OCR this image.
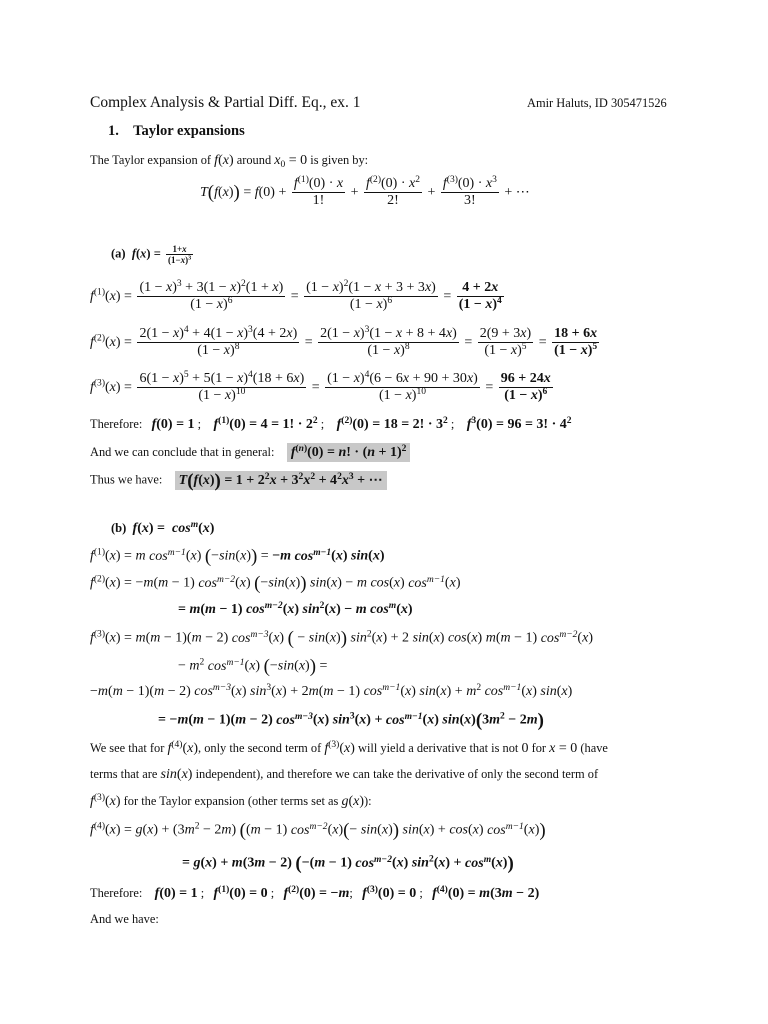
Complex Analysis & Partial Diff. Eq., ex. 1	Amir Haluts, ID 305471526
1. Taylor expansions
The Taylor expansion of f(x) around $x_0 = 0$ is given by:
$T(f(x)) = f(0) + \frac{f^{(1)}(0) \cdot x}{1!} + \frac{f^{(2)}(0) \cdot x^2}{2!} + \frac{f^{(3)}(0) \cdot x^3}{3!}$ + ⋯
(a) $f(x) = \frac{1+x}{(1-x)^3}$
$f^{(1)}(x) = \frac{(1 - x)^3 + 3(1 - x)^2(1 + x)}{(1 - x)^6} = \frac{(1 - x)^2(1 - x + 3 + 3x)}{(1 - x)^6} = \frac{4 + 2x}{(1 - x)^4}$
$f^{(2)}(x) = \frac{2(1 - x)^4 + 4(1 - x)^3(4 + 2x)}{(1 - x)^8} = \frac{2(1 - x)^3(1 - x + 8 + 4x)}{(1 - x)^8} = \frac{2(9 + 3x)}{(1 - x)^5} = \frac{18 + 6x}{(1 - x)^5}$
$f^{(3)}(x) = \frac{6(1 - x)^5 + 5(1 - x)^4(18 + 6x)}{(1 - x)^{10}} = \frac{(1 - x)^4(6 - 6x + 90 + 30x)}{(1 - x)^{10}} = \frac{96 + 24x}{(1 - x)^6}$
Therefore: f(0) = 1 ;    $f^{(1)}(0) = 4 = 1$! · $2^2$ ;    $f^{(2)}(0) = 18 = 2$! · $3^2$ ;    $f^3(0) = 96 = 3$! · $4^2$
And we can conclude that in general: $f^{(n)}(0) = n$! · $(n + 1)^2$
Thus we have: $T(f(x)) = 1 + 2^2x + 3^2x^2 + 4^2x^3$ + ⋯
(b) $f(x) = \cos^m(x)$
$f^{(1)}(x) = m$ $\cos^{m-1}(x) (-\sin(x)) = -m$ $\cos^{m-1}(x)$ sin(x)
$f^{(2)}(x) = -m(m - 1)$ $\cos^{m-2}(x)$ (−sin(x)) sin(x) − m cos(x) $\cos^{m-1}(x)$
= m(m − 1) $\cos^{m-2}(x) \sin^2(x) - m$ $\cos^m(x)$
$f^{(3)}(x) = m(m - 1)(m - 2)$ $\cos^{m-3}(x)$ ( − sin(x)) $\sin^2(x) + 2$ sin(x) cos(x) m(m − 1) $\cos^{m-2}(x)$
− $m^2$ $\cos^{m-1}(x) (-\sin(x))$ =
−m(m − 1)(m − 2) $\cos^{m-3}(x) \sin^3(x) + 2m(m - 1)$ $\cos^{m-1}(x) \sin(x) + m^2$ $\cos^{m-1}(x)$ sin(x)
= −m(m − 1)(m − 2) $\cos^{m-3}(x) \sin^3(x) + \cos^{m-1}(x) \sin(x)(3m^2 - 2m)$
We see that for $f^{(4)}(x)$, only the second term of $f^{(3)}(x)$ will yield a derivative that is not 0 for x = 0 (have
terms that are sin(x) independent), and therefore we can take the derivative of only the second term of
$f^{(3)}(x)$ for the Taylor expansion (other terms set as g(x)):
$f^{(4)}(x) = g(x) + (3m^2 - 2m) ((m - 1)$ $\cos^{m-2}(x)(- \sin(x)) \sin(x) + \cos(x)$ $\cos^{m-1}(x)$)
= g(x) + m(3m − 2) (−(m − 1) $\cos^{m-2}(x) \sin^2(x) + \cos^m(x)$)
Therefore: f(0) = 1 ;   $f^{(1)}(0) = 0$ ;   $f^{(2)}(0) = -m$;   $f^{(3)}(0) = 0$ ;   $f^{(4)}(0) = m(3m - 2)$
And we have:
